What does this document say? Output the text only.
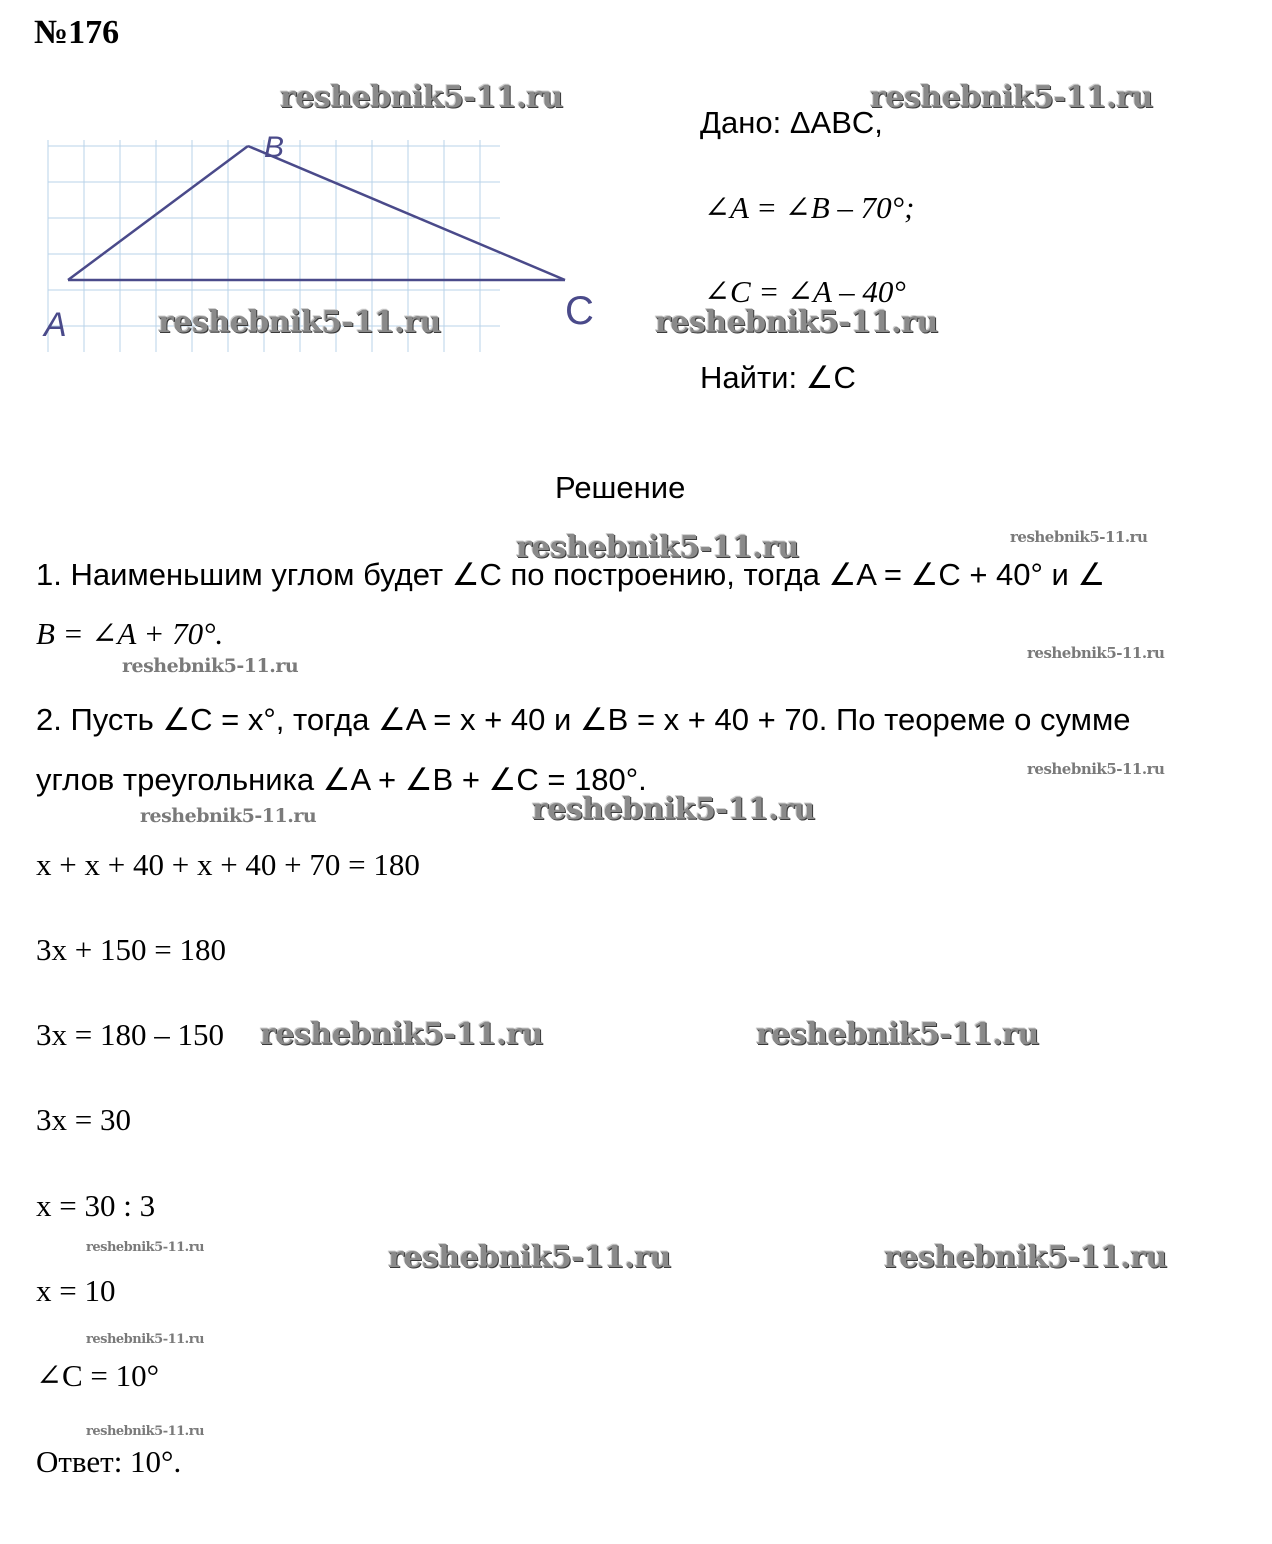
№176
A
B
C
Дано: ΔABC,
∠A = ∠B – 70°;
∠C = ∠A – 40°
Найти: ∠C
Решение
1. Наименьшим углом будет ∠C по построению, тогда ∠A = ∠C + 40° и ∠
B = ∠A + 70°.
2. Пусть ∠C = x°, тогда ∠A = x + 40 и ∠B = x + 40 + 70. По теореме о сумме
углов треугольника ∠A + ∠B + ∠C = 180°.
x + x + 40 + x + 40 + 70 = 180
3x + 150 = 180
3x = 180 – 150
3x = 30
x = 30 : 3
x = 10
∠C = 10°
Ответ: 10°.
reshebnik5-11.ru	reshebnik5-11.ru
reshebnik5-11.ru	reshebnik5-11.ru
reshebnik5-11.ru	reshebnik5-11.ru
reshebnik5-11.ru
reshebnik5-11.ru
reshebnik5-11.ru
reshebnik5-11.ru	reshebnik5-11.ru
reshebnik5-11.ru	reshebnik5-11.ru
reshebnik5-11.ru	reshebnik5-11.ru	reshebnik5-11.ru
reshebnik5-11.ru
reshebnik5-11.ru
